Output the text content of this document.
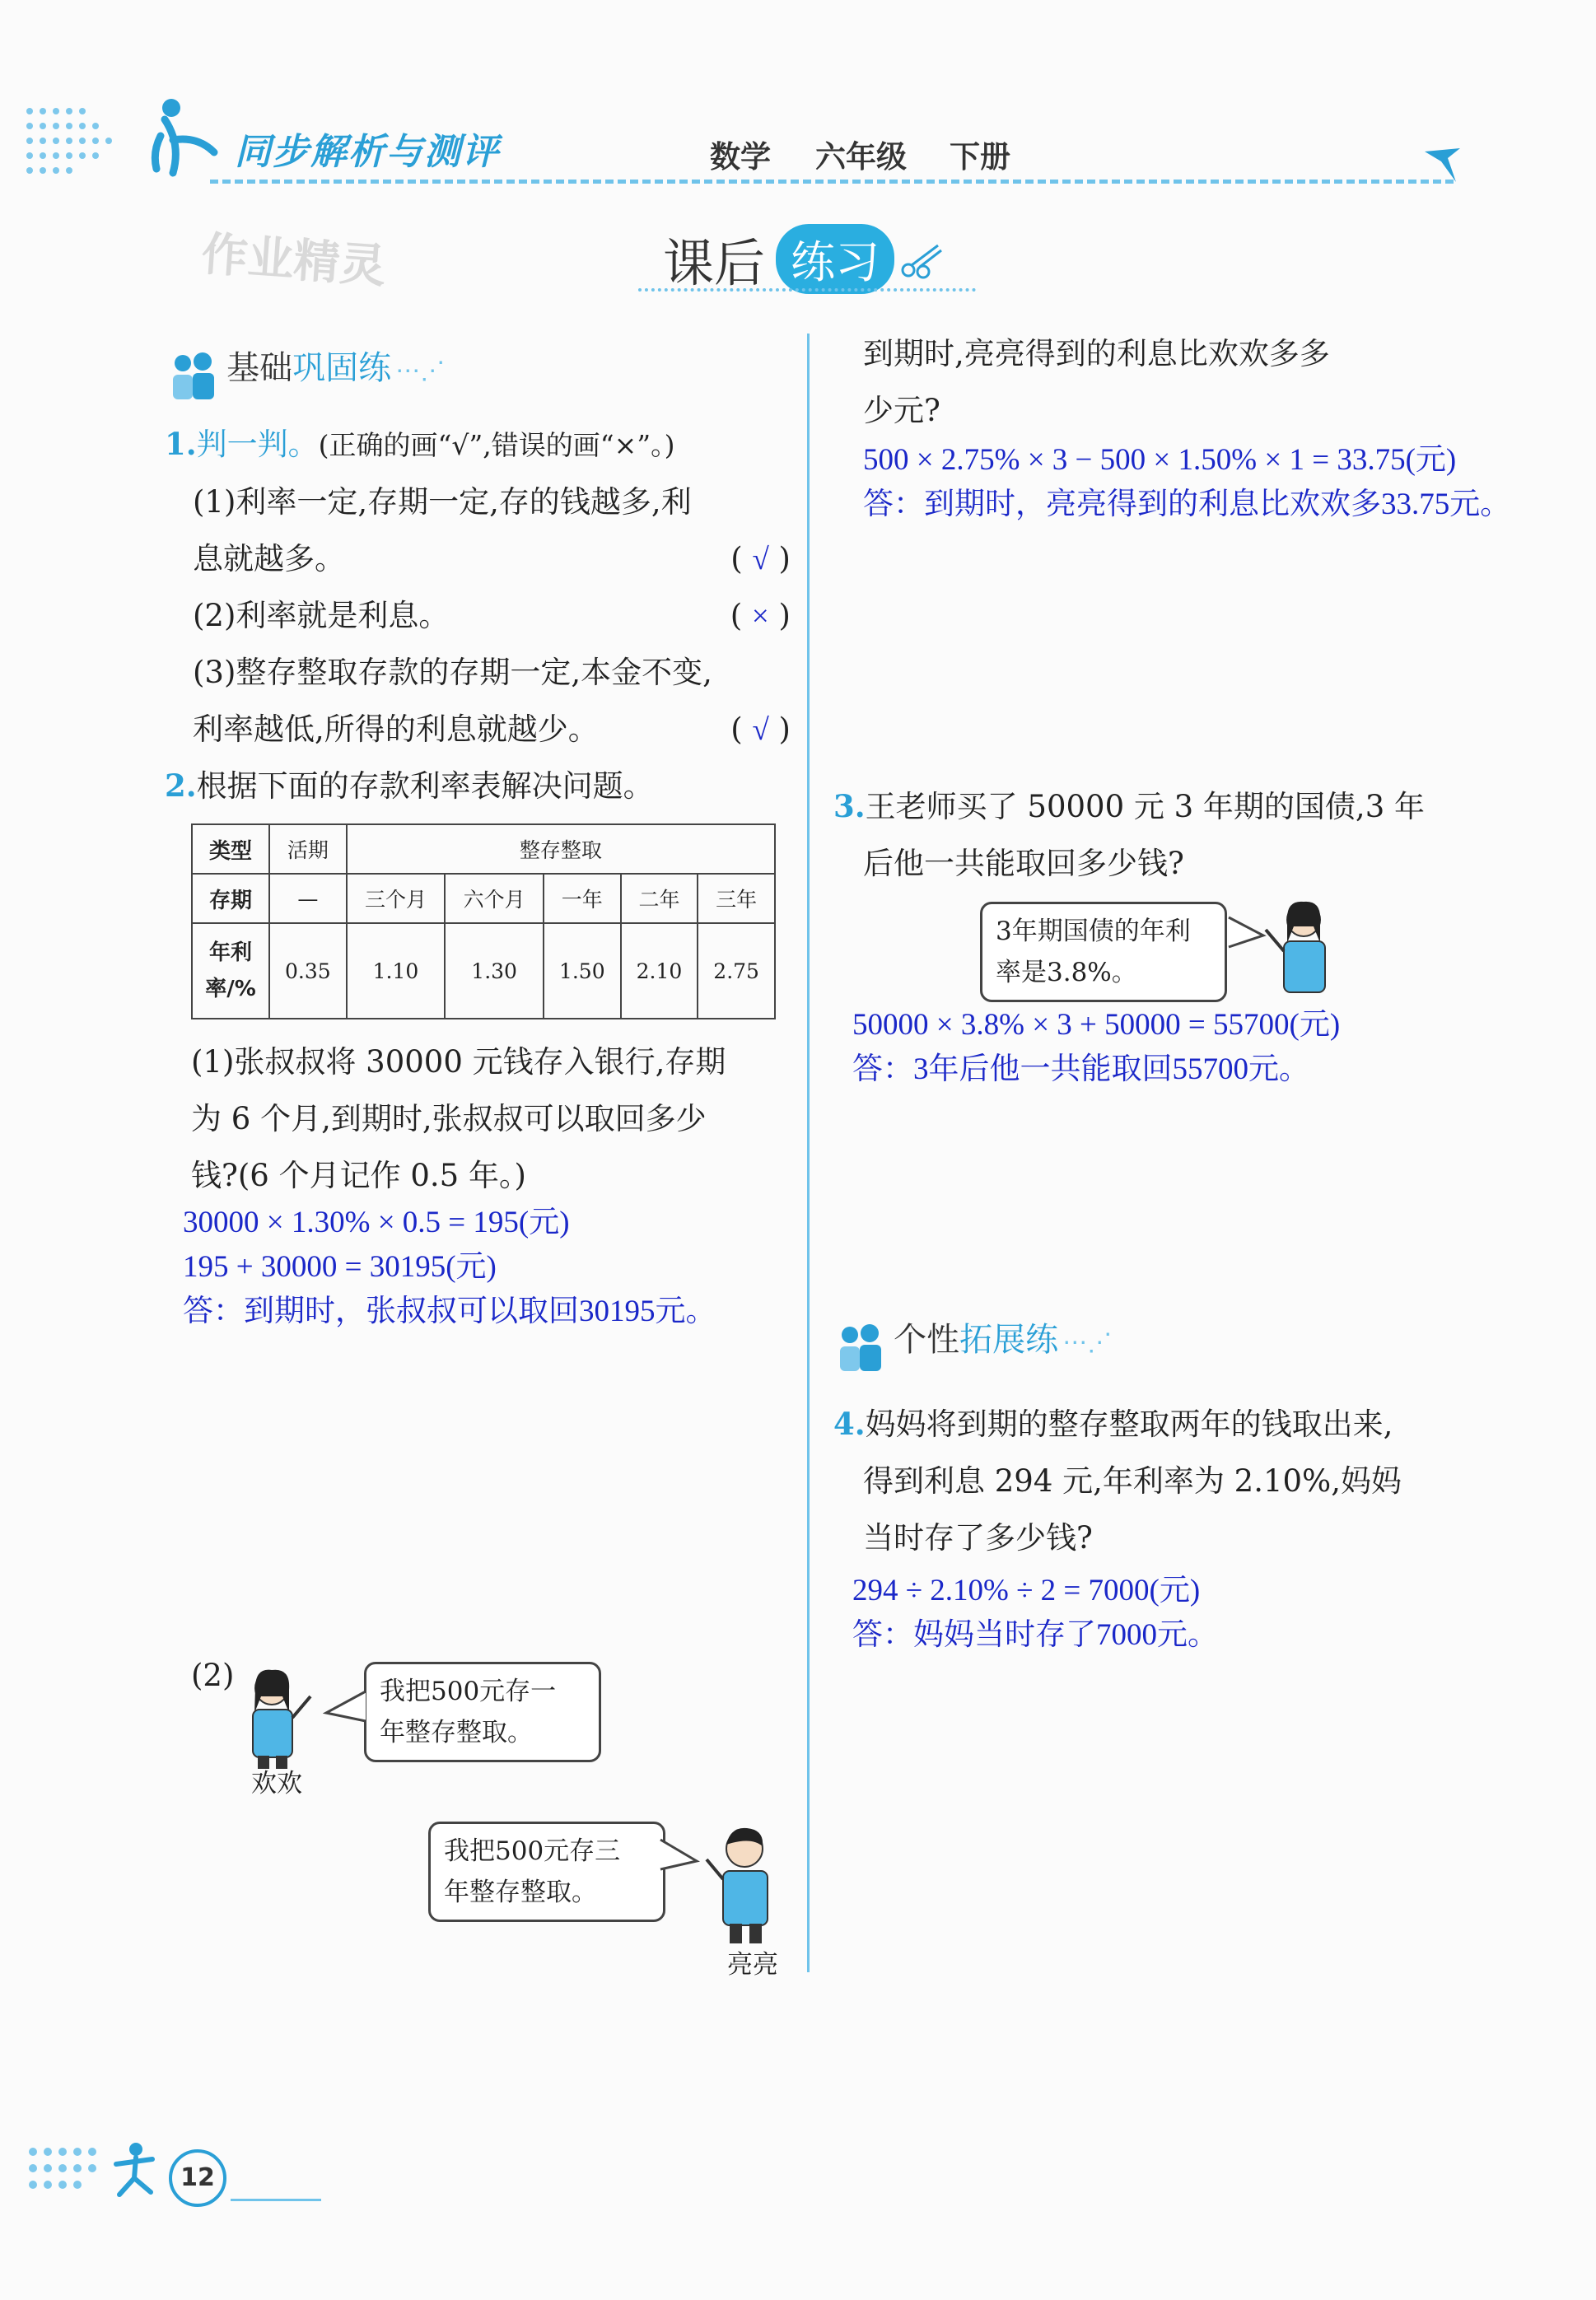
同步解析与测评	数学 六年级 下册
作业精灵	课后 练习
基础巩固练 ⋯⋰
1.判一判。(正确的画“√”,错误的画“×”。)
(1)利率一定,存期一定,存的钱越多,利
息就越多。	( √ )
(2)利率就是利息。	( × )
(3)整存整取存款的存期一定,本金不变,
利率越低,所得的利息就越少。	( √ )
2.根据下面的存款利率表解决问题。
类型	活期	整存整取				
存期	—	三个月	六个月	一年	二年	三年

年利
率/%	0.35	1.10	1.30	1.50	2.10	2.75
(1)张叔叔将 30000 元钱存入银行,存期
为 6 个月,到期时,张叔叔可以取回多少
钱?(6 个月记作 0.5 年。)
30000 × 1.30% × 0.5 = 195(元)
195 + 30000 = 30195(元)
答：到期时，张叔叔可以取回30195元。
(2)
欢欢
我把500元存一
年整存整取。
我把500元存三
年整存整取。
亮亮
到期时,亮亮得到的利息比欢欢多多
少元?
500 × 2.75% × 3 − 500 × 1.50% × 1 = 33.75(元)
答：到期时，亮亮得到的利息比欢欢多33.75元。
3.王老师买了 50000 元 3 年期的国债,3 年
后他一共能取回多少钱?
3年期国债的年利
率是3.8%。
50000 × 3.8% × 3 + 50000 = 55700(元)
答：3年后他一共能取回55700元。
个性拓展练 ⋯⋰
4.妈妈将到期的整存整取两年的钱取出来,
得到利息 294 元,年利率为 2.10%,妈妈
当时存了多少钱?
294 ÷ 2.10% ÷ 2 = 7000(元)
答：妈妈当时存了7000元。
12
